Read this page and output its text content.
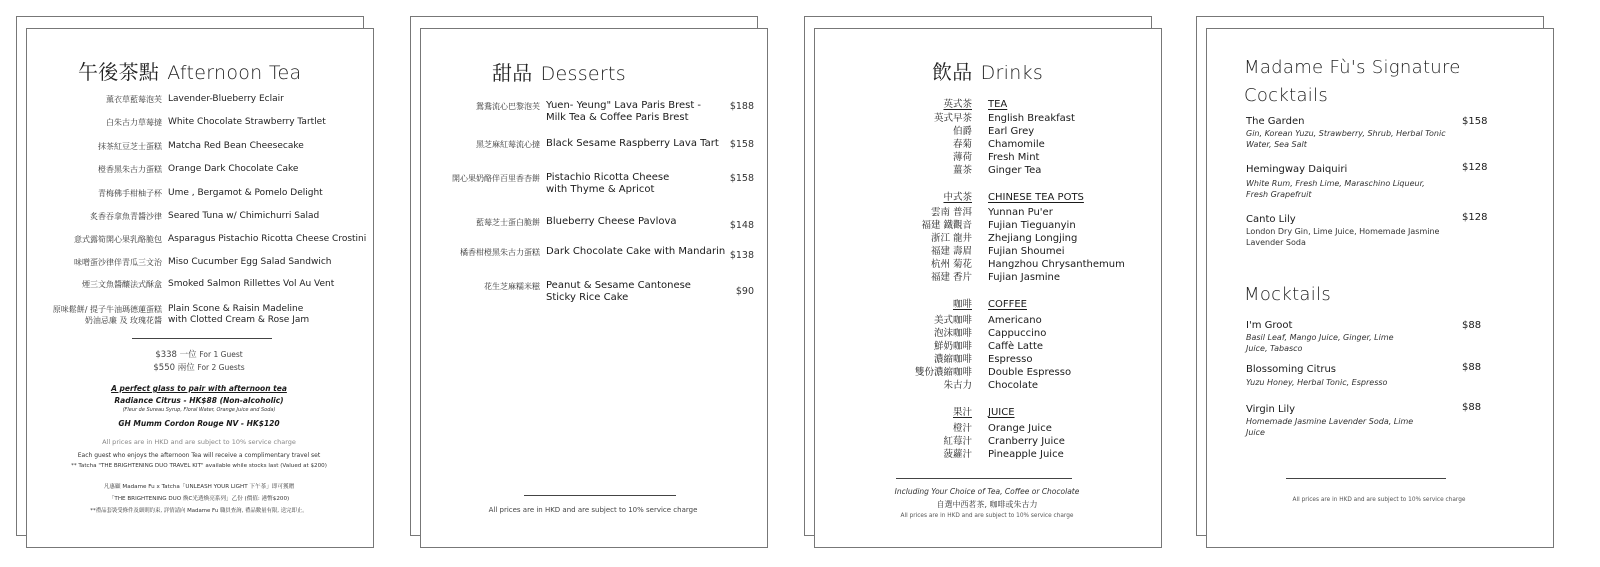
午後茶點 Afternoon Tea
薰衣草藍莓泡芙 Lavender-Blueberry Eclair
白朱古力草莓撻 White Chocolate Strawberry Tartlet
抹茶紅豆芝士蛋糕 Matcha Red Bean Cheesecake
橙香黑朱古力蛋糕 Orange Dark Chocolate Cake
青梅佛手柑柚子杯 Ume , Bergamot & Pomelo Delight
炙香吞拿魚青醬沙律 Seared Tuna w/ Chimichurri Salad
意式露筍開心果乳酪脆包 Asparagus Pistachio Ricotta Cheese Crostini
味噌蛋沙律伴青瓜三文治 Miso Cucumber Egg Salad Sandwich
煙三文魚醬釀法式酥盒 Smoked Salmon Rillettes Vol Au Vent
原味鬆餅/ 提子牛油瑪德蓮蛋糕
奶油忌廉 及 玫瑰花醬
Plain Scone & Raisin Madeline
with Clotted Cream & Rose Jam
$338 一位 For 1 Guest
$550 兩位 For 2 Guests
A perfect glass to pair with afternoon tea
Radiance Citrus - HK$88 (Non-alcoholic)
(Fleur de Sureau Syrup, Floral Water, Orange Juice and Soda)
GH Mumm Cordon Rouge NV - HK$120
All prices are in HKD and are subject to 10% service charge
Each guest who enjoys the afternoon Tea will receive a complimentary travel set
** Tatcha "THE BRIGHTENING DUO TRAVEL KIT" available while stocks last (Valued at $200)
凡惠顧 Madame Fu x Tatcha「UNLEASH YOUR LIGHT 下午茶」即可獲贈
「THE BRIGHTENING DUO 煥C光透煥亮系列」乙份 (價值: 港幣$200)
**禮品套裝受條件及細則約束, 詳情請向 Madame Fu 職員查詢, 禮品數量有限, 送完即止。
甜品 Desserts
鴛鴦流心巴黎泡芙 Yuen- Yeung" Lava Paris Brest -
Milk Tea & Coffee Paris Brest
$188
黑芝麻紅莓流心撻 Black Sesame Raspberry Lava Tart $158
開心果奶酪伴百里香杏餅 Pistachio Ricotta Cheese
with Thyme & Apricot
$158
藍莓芝士蛋白脆餅 Blueberry Cheese Pavlova	$148
橘香柑橙黑朱古力蛋糕 Dark Chocolate Cake with Mandarin $138
花生芝麻糯米糍 Peanut & Sesame Cantonese
Sticky Rice Cake
$90
All prices are in HKD and are subject to 10% service charge
飲品 Drinks
英式茶 TEA
英式早茶 English Breakfast
伯爵 Earl Grey
春菊 Chamomile
薄荷 Fresh Mint
薑茶 Ginger Tea
中式茶 CHINESE TEA POTS
雲南 普洱 Yunnan Pu'er
福建 鐵觀音 Fujian Tieguanyin
浙江 龍井 Zhejiang Longjing
福建 壽眉 Fujian Shoumei
杭州 菊花 Hangzhou Chrysanthemum
福建 香片 Fujian Jasmine
咖啡 COFFEE
美式咖啡 Americano
泡沫咖啡 Cappuccino
鮮奶咖啡 Caffè Latte
濃縮咖啡 Espresso
雙份濃縮咖啡 Double Espresso
朱古力 Chocolate
果汁 JUICE
橙汁 Orange Juice
紅莓汁 Cranberry Juice
菠蘿汁 Pineapple Juice
Including Your Choice of Tea, Coffee or Chocolate
自選中西茗茶, 咖啡或朱古力
All prices are in HKD and are subject to 10% service charge
Madame Fù's Signature
Cocktails
The Garden
Gin, Korean Yuzu, Strawberry, Shrub, Herbal Tonic Water, Sea Salt
$158
Hemingway Daiquiri
White Rum, Fresh Lime, Maraschino Liqueur, Fresh Grapefruit
$128
Canto Lily
London Dry Gin, Lime Juice, Homemade Jasmine Lavender Soda
$128
Mocktails
I'm Groot
Basil Leaf, Mango Juice, Ginger, Lime Juice, Tabasco
$88
Blossoming Citrus
Yuzu Honey, Herbal Tonic, Espresso
$88
Virgin Lily
Homemade Jasmine Lavender Soda, Lime Juice
$88
All prices are in HKD and are subject to 10% service charge
